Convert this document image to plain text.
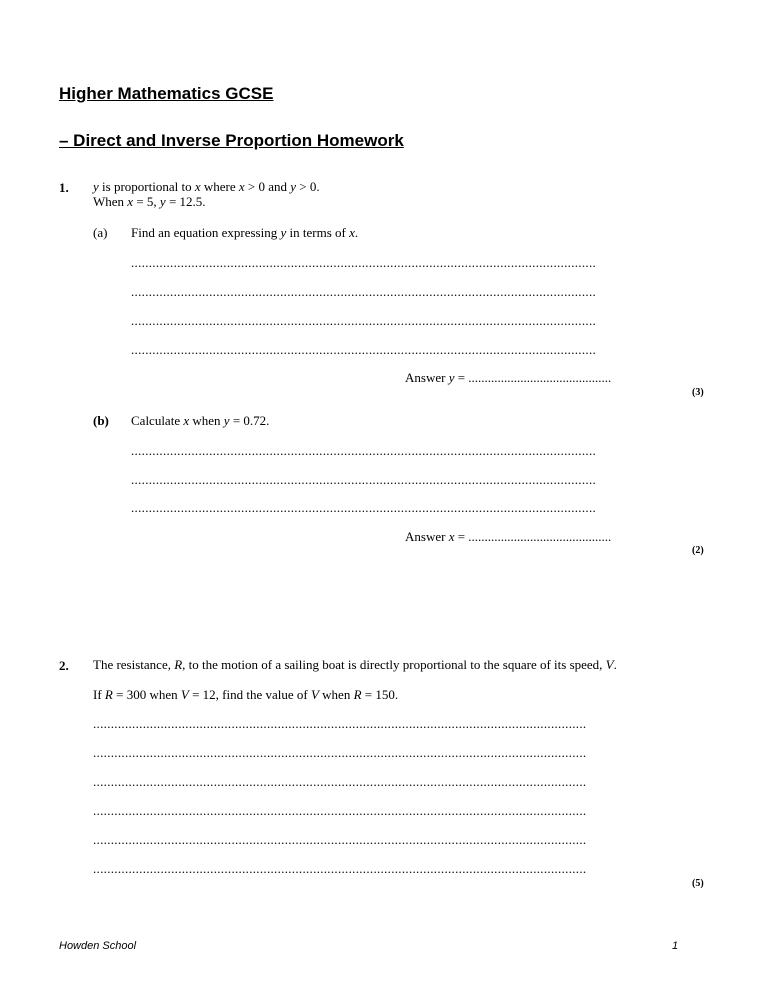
Higher Mathematics GCSE
– Direct and Inverse Proportion Homework
1. y is proportional to x where x > 0 and y > 0.
When x = 5, y = 12.5.
(a) Find an equation expressing y in terms of x.
...................................................................................................................................
...................................................................................................................................
...................................................................................................................................
...................................................................................................................................
Answer y = ............................................
(3)
(b) Calculate x when y = 0.72.
...................................................................................................................................
...................................................................................................................................
...................................................................................................................................
Answer x = ............................................
(2)
2. The resistance, R, to the motion of a sailing boat is directly proportional to the square of its speed, V.
If R = 300 when V = 12, find the value of V when R = 150.
...........................................................................................................................................
...........................................................................................................................................
...........................................................................................................................................
...........................................................................................................................................
...........................................................................................................................................
...........................................................................................................................................
(5)
Howden School	1
